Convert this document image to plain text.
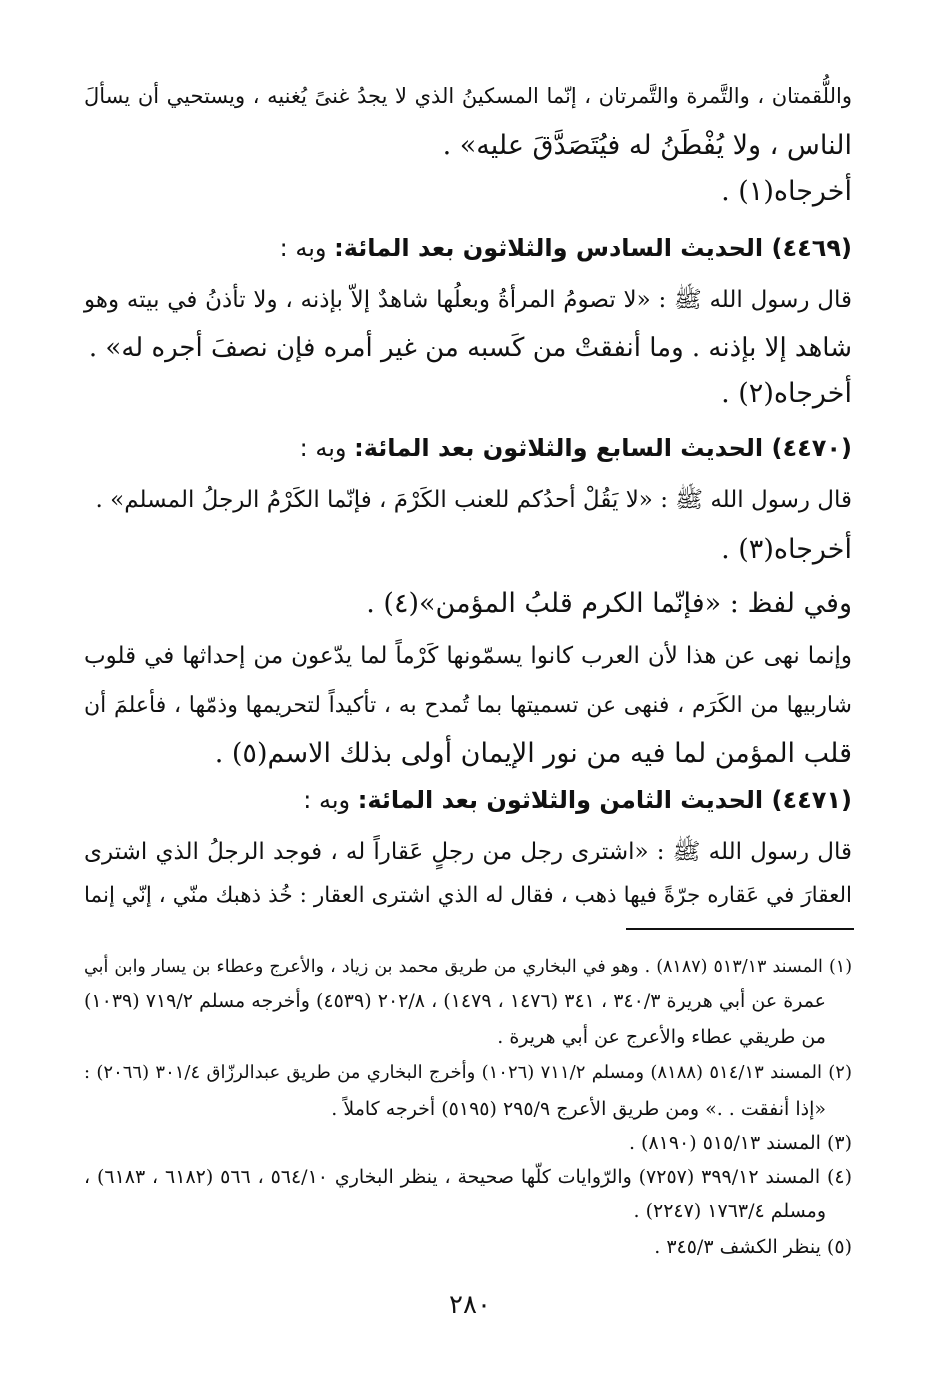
واللُّقمتان ، والتَّمرة والتَّمرتان ، إنّما المسكينُ الذي لا يجدُ غنىً يُغنيه ، ويستحيي أن يسألَ
الناس ، ولا يُفْطَنُ له فيُتَصَدَّقَ عليه» .
أخرجاه(١) .
(٤٤٦٩) الحديث السادس والثلاثون بعد المائة: وبه :
قال رسول الله ﷺ : «لا تصومُ المرأةُ وبعلُها شاهدٌ إلاّ بإذنه ، ولا تأذنُ في بيته وهو
شاهد إلا بإذنه . وما أنفقتْ من كَسبه من غير أمره فإن نصفَ أجره له» .
أخرجاه(٢) .
(٤٤٧٠) الحديث السابع والثلاثون بعد المائة: وبه :
قال رسول الله ﷺ : «لا يَقُلْ أحدُكم للعنب الكَرْمَ ، فإنّما الكَرْمُ الرجلُ المسلم» .
أخرجاه(٣) .
وفي لفظ : «فإنّما الكرم قلبُ المؤمن»(٤) .
وإنما نهى عن هذا لأن العرب كانوا يسمّونها كَرْماً لما يدّعون من إحداثها في قلوب
شاربيها من الكَرَم ، فنهى عن تسميتها بما تُمدح به ، تأكيداً لتحريمها وذمّها ، فأعلمَ أن
قلب المؤمن لما فيه من نور الإيمان أولى بذلك الاسم(٥) .
(٤٤٧١) الحديث الثامن والثلاثون بعد المائة: وبه :
قال رسول الله ﷺ : «اشترى رجل من رجلٍ عَقاراً له ، فوجد الرجلُ الذي اشترى
العقارَ في عَقاره جرّةً فيها ذهب ، فقال له الذي اشترى العقار : خُذ ذهبك منّي ، إنّي إنما
(١) المسند ٥١٣/١٣ (٨١٨٧) . وهو في البخاري من طريق محمد بن زياد ، والأعرج وعطاء بن يسار وابن أبي
عمرة عن أبي هريرة ٣٤٠/٣ ، ٣٤١ (١٤٧٦ ، ١٤٧٩) ، ٢٠٢/٨ (٤٥٣٩) وأخرجه مسلم ٧١٩/٢ (١٠٣٩)
من طريقي عطاء والأعرج عن أبي هريرة .
(٢) المسند ٥١٤/١٣ (٨١٨٨) ومسلم ٧١١/٢ (١٠٢٦) وأخرج البخاري من طريق عبدالرزّاق ٣٠١/٤ (٢٠٦٦) :
«إذا أنفقت . .» ومن طريق الأعرج ٢٩٥/٩ (٥١٩٥) أخرجه كاملاً .
(٣) المسند ٥١٥/١٣ (٨١٩٠) .
(٤) المسند ٣٩٩/١٢ (٧٢٥٧) والرّوايات كلّها صحيحة ، ينظر البخاري ٥٦٤/١٠ ، ٥٦٦ (٦١٨٢ ، ٦١٨٣) ،
ومسلم ١٧٦٣/٤ (٢٢٤٧) .
(٥) ينظر الكشف ٣٤٥/٣ .
٢٨٠
